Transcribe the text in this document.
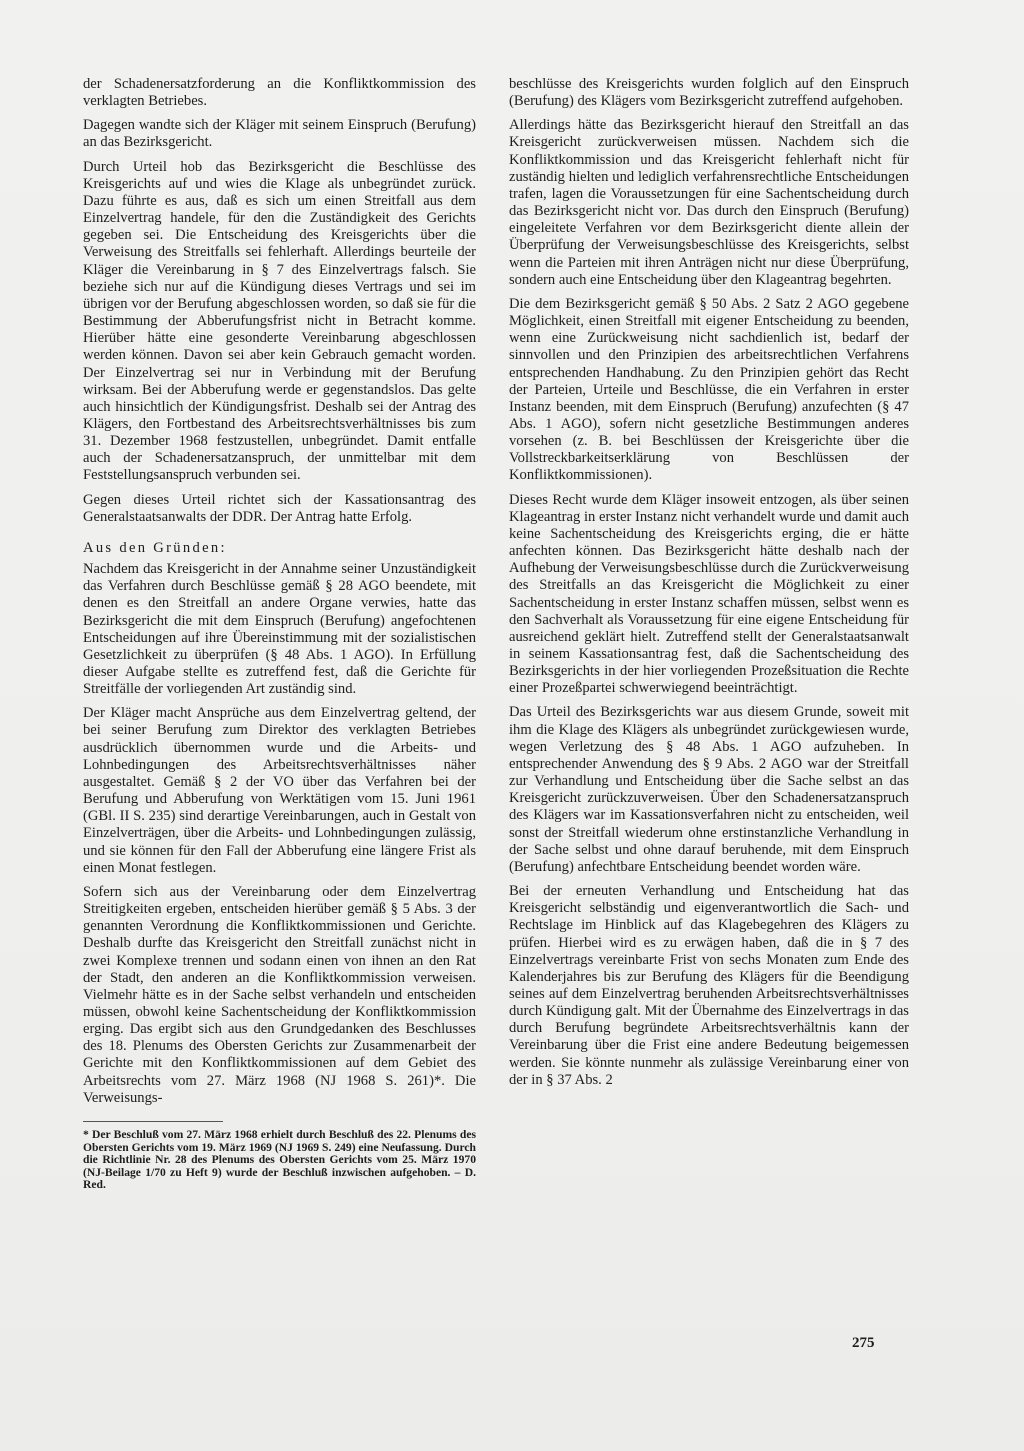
der Schadenersatzforderung an die Konfliktkommission des verklagten Betriebes.

Dagegen wandte sich der Kläger mit seinem Einspruch (Berufung) an das Bezirksgericht.

Durch Urteil hob das Bezirksgericht die Beschlüsse des Kreisgerichts auf und wies die Klage als unbegründet zurück. Dazu führte es aus, daß es sich um einen Streitfall aus dem Einzelvertrag handele, für den die Zuständigkeit des Gerichts gegeben sei. Die Entscheidung des Kreisgerichts über die Verweisung des Streitfalls sei fehlerhaft. Allerdings beurteile der Kläger die Vereinbarung in § 7 des Einzelvertrags falsch. Sie beziehe sich nur auf die Kündigung dieses Vertrags und sei im übrigen vor der Berufung abgeschlossen worden, so daß sie für die Bestimmung der Abberufungsfrist nicht in Betracht komme. Hierüber hätte eine gesonderte Vereinbarung abgeschlossen werden können. Davon sei aber kein Gebrauch gemacht worden. Der Einzelvertrag sei nur in Verbindung mit der Berufung wirksam. Bei der Abberufung werde er gegenstandslos. Das gelte auch hinsichtlich der Kündigungsfrist. Deshalb sei der Antrag des Klägers, den Fortbestand des Arbeitsrechtsverhältnisses bis zum 31. Dezember 1968 festzustellen, unbegründet. Damit entfalle auch der Schadenersatzanspruch, der unmittelbar mit dem Feststellungsanspruch verbunden sei.

Gegen dieses Urteil richtet sich der Kassationsantrag des Generalstaatsanwalts der DDR. Der Antrag hatte Erfolg.

Aus den Gründen:

Nachdem das Kreisgericht in der Annahme seiner Unzuständigkeit das Verfahren durch Beschlüsse gemäß § 28 AGO beendete, mit denen es den Streitfall an andere Organe verwies, hatte das Bezirksgericht die mit dem Einspruch (Berufung) angefochtenen Entscheidungen auf ihre Übereinstimmung mit der sozialistischen Gesetzlichkeit zu überprüfen (§ 48 Abs. 1 AGO). In Erfüllung dieser Aufgabe stellte es zutreffend fest, daß die Gerichte für Streitfälle der vorliegenden Art zuständig sind.

Der Kläger macht Ansprüche aus dem Einzelvertrag geltend, der bei seiner Berufung zum Direktor des verklagten Betriebes ausdrücklich übernommen wurde und die Arbeits- und Lohnbedingungen des Arbeitsrechtsverhältnisses näher ausgestaltet. Gemäß § 2 der VO über das Verfahren bei der Berufung und Abberufung von Werktätigen vom 15. Juni 1961 (GBl. II S. 235) sind derartige Vereinbarungen, auch in Gestalt von Einzelverträgen, über die Arbeits- und Lohnbedingungen zulässig, und sie können für den Fall der Abberufung eine längere Frist als einen Monat festlegen.

Sofern sich aus der Vereinbarung oder dem Einzelvertrag Streitigkeiten ergeben, entscheiden hierüber gemäß § 5 Abs. 3 der genannten Verordnung die Konfliktkommissionen und Gerichte. Deshalb durfte das Kreisgericht den Streitfall zunächst nicht in zwei Komplexe trennen und sodann einen von ihnen an den Rat der Stadt, den anderen an die Konfliktkommission verweisen. Vielmehr hätte es in der Sache selbst verhandeln und entscheiden müssen, obwohl keine Sachentscheidung der Konfliktkommission erging. Das ergibt sich aus den Grundgedanken des Beschlusses des 18. Plenums des Obersten Gerichts zur Zusammenarbeit der Gerichte mit den Konfliktkommissionen auf dem Gebiet des Arbeitsrechts vom 27. März 1968 (NJ 1968 S. 261)*. Die Verweisungs-

* Der Beschluß vom 27. März 1968 erhielt durch Beschluß des 22. Plenums des Obersten Gerichts vom 19. März 1969 (NJ 1969 S. 249) eine Neufassung. Durch die Richtlinie Nr. 28 des Plenums des Obersten Gerichts vom 25. März 1970 (NJ-Beilage 1/70 zu Heft 9) wurde der Beschluß inzwischen aufgehoben. – D. Red.

beschlüsse des Kreisgerichts wurden folglich auf den Einspruch (Berufung) des Klägers vom Bezirksgericht zutreffend aufgehoben.

Allerdings hätte das Bezirksgericht hierauf den Streitfall an das Kreisgericht zurückverweisen müssen. Nachdem sich die Konfliktkommission und das Kreisgericht fehlerhaft nicht für zuständig hielten und lediglich verfahrensrechtliche Entscheidungen trafen, lagen die Voraussetzungen für eine Sachentscheidung durch das Bezirksgericht nicht vor. Das durch den Einspruch (Berufung) eingeleitete Verfahren vor dem Bezirksgericht diente allein der Überprüfung der Verweisungsbeschlüsse des Kreisgerichts, selbst wenn die Parteien mit ihren Anträgen nicht nur diese Überprüfung, sondern auch eine Entscheidung über den Klageantrag begehrten.

Die dem Bezirksgericht gemäß § 50 Abs. 2 Satz 2 AGO gegebene Möglichkeit, einen Streitfall mit eigener Entscheidung zu beenden, wenn eine Zurückweisung nicht sachdienlich ist, bedarf der sinnvollen und den Prinzipien des arbeitsrechtlichen Verfahrens entsprechenden Handhabung. Zu den Prinzipien gehört das Recht der Parteien, Urteile und Beschlüsse, die ein Verfahren in erster Instanz beenden, mit dem Einspruch (Berufung) anzufechten (§ 47 Abs. 1 AGO), sofern nicht gesetzliche Bestimmungen anderes vorsehen (z. B. bei Beschlüssen der Kreisgerichte über die Vollstreckbarkeitserklärung von Beschlüssen der Konfliktkommissionen).

Dieses Recht wurde dem Kläger insoweit entzogen, als über seinen Klageantrag in erster Instanz nicht verhandelt wurde und damit auch keine Sachentscheidung des Kreisgerichts erging, die er hätte anfechten können. Das Bezirksgericht hätte deshalb nach der Aufhebung der Verweisungsbeschlüsse durch die Zurückverweisung des Streitfalls an das Kreisgericht die Möglichkeit zu einer Sachentscheidung in erster Instanz schaffen müssen, selbst wenn es den Sachverhalt als Voraussetzung für eine eigene Entscheidung für ausreichend geklärt hielt. Zutreffend stellt der Generalstaatsanwalt in seinem Kassationsantrag fest, daß die Sachentscheidung des Bezirksgerichts in der hier vorliegenden Prozeßsituation die Rechte einer Prozeßpartei schwerwiegend beeinträchtigt.

Das Urteil des Bezirksgerichts war aus diesem Grunde, soweit mit ihm die Klage des Klägers als unbegründet zurückgewiesen wurde, wegen Verletzung des § 48 Abs. 1 AGO aufzuheben. In entsprechender Anwendung des § 9 Abs. 2 AGO war der Streitfall zur Verhandlung und Entscheidung über die Sache selbst an das Kreisgericht zurückzuverweisen. Über den Schadenersatzanspruch des Klägers war im Kassationsverfahren nicht zu entscheiden, weil sonst der Streitfall wiederum ohne erstinstanzliche Verhandlung in der Sache selbst und ohne darauf beruhende, mit dem Einspruch (Berufung) anfechtbare Entscheidung beendet worden wäre.

Bei der erneuten Verhandlung und Entscheidung hat das Kreisgericht selbständig und eigenverantwortlich die Sach- und Rechtslage im Hinblick auf das Klagebegehren des Klägers zu prüfen. Hierbei wird es zu erwägen haben, daß die in § 7 des Einzelvertrags vereinbarte Frist von sechs Monaten zum Ende des Kalenderjahres bis zur Berufung des Klägers für die Beendigung seines auf dem Einzelvertrag beruhenden Arbeitsrechtsverhältnisses durch Kündigung galt. Mit der Übernahme des Einzelvertrags in das durch Berufung begründete Arbeitsrechtsverhältnis kann der Vereinbarung über die Frist eine andere Bedeutung beigemessen werden. Sie könnte nunmehr als zulässige Vereinbarung einer von der in § 37 Abs. 2

275
